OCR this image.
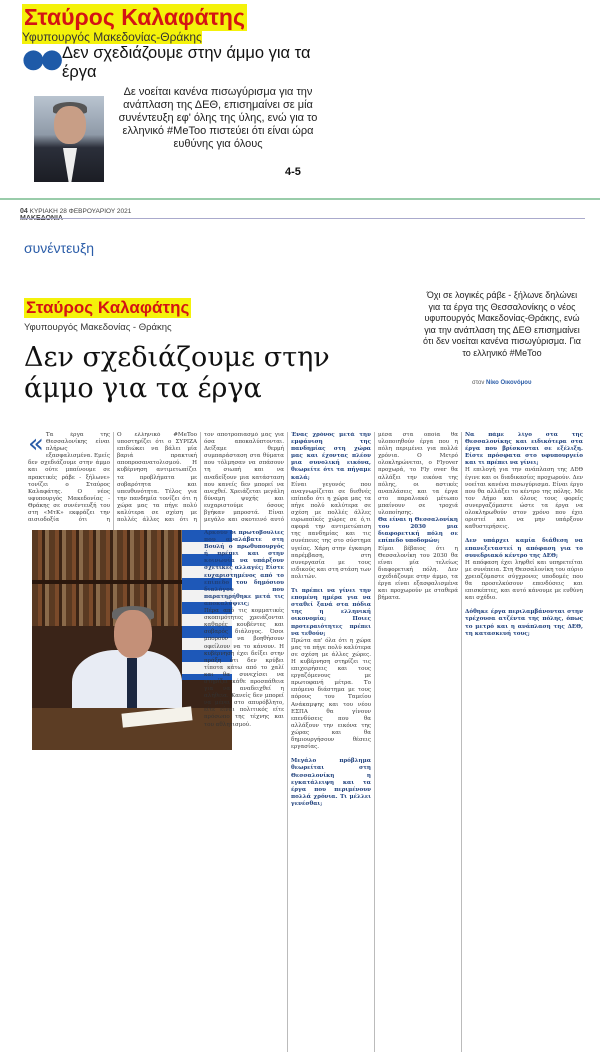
Σταύρος Καλαφάτης
Υφυπουργός Μακεδονίας-Θράκης
●● Δεν σχεδιάζουμε στην άμμο για τα έργα
Δε νοείται κανένα πισωγύρισμα για την ανάπλαση της ΔΕΘ, επισημαίνει σε μία συνέντευξη εφ' όλης της ύλης, ενώ για το ελληνικό #MeToo πιστεύει ότι είναι ώρα ευθύνης για όλους
4-5
04 ΚΥΡΙΑΚΗ 28 ΦΕΒΡΟΥΑΡΙΟΥ 2021

συνέντευξη
Σταύρος Καλαφάτης
Υφυπουργός Μακεδονίας - Θράκης
Δεν σχεδιάζουμε στην άμμο για τα έργα
Όχι σε λογικές ράβε - ξήλωνε δηλώνει για τα έργα της Θεσσαλονίκης ο νέος υφυπουργός Μακεδονίας-Θράκης, ενώ για την ανάπλαση της ΔΕΘ επισημαίνει ότι δεν νοείται κανένα πισωγύρισμα. Για το ελληνικό #MeToo
στον Νίκο Οικονόμου
« Τα έργα της Θεσσαλονίκης είναι πλήρως εξασφαλισμένα. Εμείς δεν σχεδιάζουμε στην άμμο και ούτε μπαίνουμε σε πρακτικές ράβε - ξήλωνε» τονίζει ο Σταύρος Καλαφάτης. Ο νέος υφυπουργός Μακεδονίας - Θράκης σε συνέντευξή του στη «ΜτΚ» εκφράζει την αισιοδοξία ότι η
Ο ελληνικό #MeToo υποστηρίζει ότι ο ΣΥΡΙΖΑ επιδιώκει να βάλει μία βαριά πρακτική αποπροσανατολισμού. Η κυβέρνηση αντιμετωπίζει τα προβλήματα με σοβαρότητα και υπευθυνότητα. Τέλος για την πανδημία τονίζει ότι η χώρα μας τα πήγε πολύ καλύτερα σε σχέση με πολλές άλλες και ότι η

τον αποτροπιασμό μας για όσα αποκαλύπτονται. Δείξαμε θερμή συμπαράσταση στα θύματα που τόλμησαν να σπάσουν τη σιωπή και να αναδείξουν μια κατάσταση που κανείς δεν μπορεί να ανεχθεί. Χρειάζεται μεγάλη δύναμη ψυχής και ευχαριστούμε όσους βγήκαν μπροστά. Είναι μεγάλο και σκοτεινό αυτό
Αρκούν οι πρωτοβουλίες που αναλάβατε στη Βουλή ο πρωθυπουργός ή πρέπει και στην κοινωνία να υπάρξουν σχετικές αλλαγές; Είστε ευχαριστημένος από το επίπεδο του δημόσιου διαλόγου που παρατηρήθηκε μετά τις αποκαλύψεις;
Πέρα από τις κομματικές σκοπιμότητες χρειάζονται καθαρές κουβέντες και σοβαρός διάλογος. Όσοι μπορούν να βοηθήσουν οφείλουν να το κάνουν. Η κυβέρνηση έχει δείξει στην πράξη ότι δεν κρύβει τίποτα κάτω από το χαλί και θα συνεχίσει να στηρίζει κάθε προσπάθεια για να αναδειχθεί η αλήθεια. Κανείς δεν μπορεί να μένει στο απυρόβλητο, είτε είναι πολιτικός είτε πρόσωπο της τέχνης και του αθλητισμού.
Ένας χρόνος μετά την εμφάνιση της πανδημίας στη χώρα μας και έχοντας πλέον μια συνολική εικόνα, θεωρείτε ότι τα πήγαμε καλά;
Είναι γεγονός που αναγνωρίζεται σε διεθνές επίπεδο ότι η χώρα μας τα πήγε πολύ καλύτερα σε σχέση με πολλές άλλες ευρωπαϊκές χώρες σε ό,τι αφορά την αντιμετώπιση της πανδημίας και τις συνέπειες της στο σύστημα υγείας. Χάρη στην έγκαιρη παρέμβαση, στη συνεργασία με τους ειδικούς και στη στάση των πολιτών.

Τι πρέπει να γίνει την επομένη ημέρα για να σταθεί ξανά στα πόδια της η ελληνική οικονομία; Ποιες προτεραιότητες πρέπει να τεθούν;
Πρώτα απ' όλα ότι η χώρα μας τα πήγε πολύ καλύτερα σε σχέση με άλλες χώρες. Η κυβέρνηση στηρίζει τις επιχειρήσεις και τους εργαζόμενους με πρωτοφανή μέτρα. Το επόμενο διάστημα με τους πόρους του Ταμείου Ανάκαμψης και του νέου ΕΣΠΑ θα γίνουν επενδύσεις που θα αλλάξουν την εικόνα της χώρας και θα δημιουργήσουν θέσεις εργασίας.

Μεγάλο πρόβλημα θεωρείται στη Θεσσαλονίκη η εγκατάλειψη και τα έργα που περιμένουν πολλά χρόνια. Τι μέλλει γενέσθαι;
μέσα στα οποία θα υλοποιηθούν έργα που η πόλη περιμένει για πολλά χρόνια. Ο Μετρό ολοκληρώνεται, ο Flyover προχωρά, το Fly over θα αλλάξει την εικόνα της πόλης, οι αστικές αναπλάσεις και τα έργα στο παραλιακό μέτωπο μπαίνουν σε τροχιά υλοποίησης.
Θα είναι η Θεσσαλονίκη του 2030 μια διαφορετική πόλη σε επίπεδο υποδομών;
Είμαι βέβαιος ότι η Θεσσαλονίκη του 2030 θα είναι μία τελείως διαφορετική πόλη. Δεν σχεδιάζουμε στην άμμο, τα έργα είναι εξασφαλισμένα και προχωρούν με σταθερά βήματα.
Να πάμε λίγο στα της Θεσσαλονίκης και ειδικότερα στα έργα που βρίσκονται σε εξέλιξη. Είστε πρόσφατα στο υφυπουργείο και τι πρέπει να γίνει;
Η επιλογή για την ανάπλαση της ΔΕΘ έγινε και οι διαδικασίες προχωρούν. Δεν νοείται κανένα πισωγύρισμα. Είναι έργο που θα αλλάξει το κέντρο της πόλης. Με τον Δήμο και όλους τους φορείς συνεργαζόμαστε ώστε τα έργα να ολοκληρωθούν στον χρόνο που έχει οριστεί και να μην υπάρξουν καθυστερήσεις.

Δεν υπάρχει καμία διάθεση να επανεξεταστεί η απόφαση για το συνεδριακό κέντρο της ΔΕΘ;
Η απόφαση έχει ληφθεί και υπηρετείται με συνέπεια. Στη Θεσσαλονίκη του αύριο χρειαζόμαστε σύγχρονες υποδομές που θα προσελκύσουν επενδύσεις και επισκέπτες, και αυτό κάνουμε με ευθύνη και σχέδιο.

Δόθηκε έργα περιλαμβάνονται στην τρέχουσα ατζέντα της πόλης, όπως το μετρό και η ανάπλαση της ΔΕΘ, τη κατασκευή τους;
